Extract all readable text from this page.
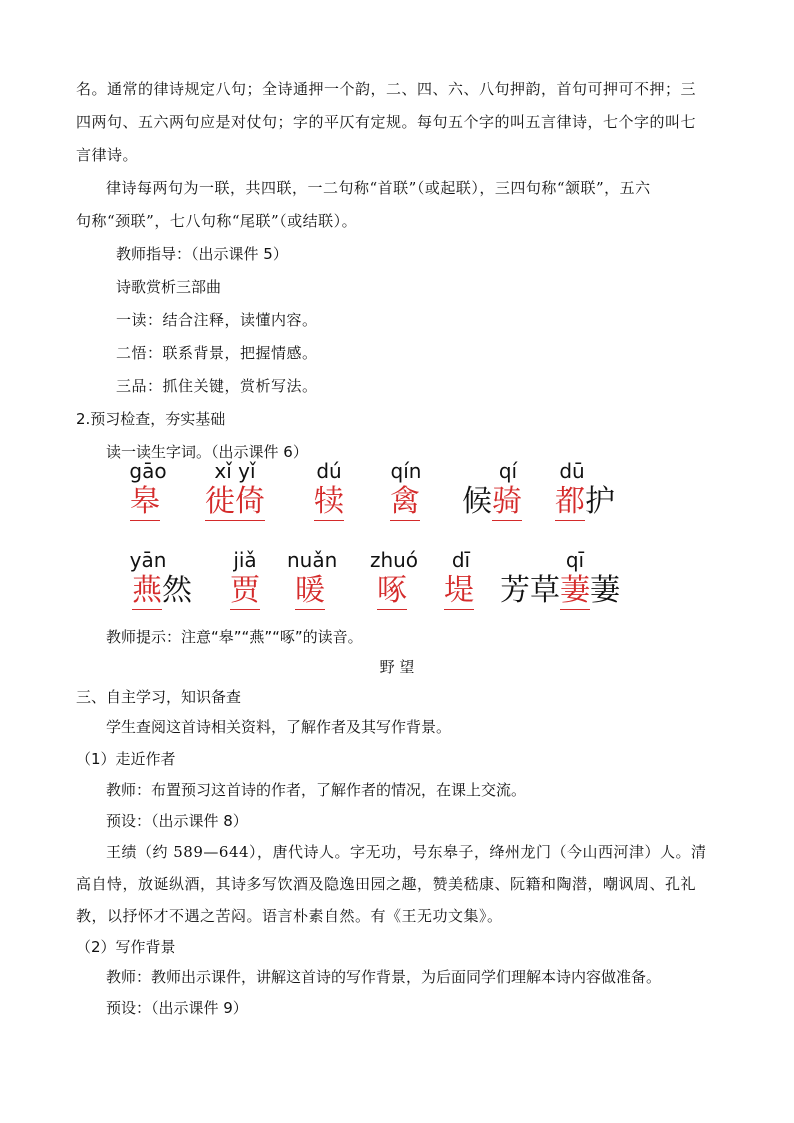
名。通常的律诗规定八句；全诗通押一个韵，二、四、六、八句押韵，首句可押可不押；三
四两句、五六两句应是对仗句；字的平仄有定规。每句五个字的叫五言律诗，七个字的叫七
言律诗。
律诗每两句为一联，共四联，一二句称“首联”（或起联），三四句称“颔联”，五六
句称“颈联”，七八句称“尾联”（或结联）。
教师指导：（出示课件 5）
诗歌赏析三部曲
一读：结合注释，读懂内容。
二悟：联系背景，把握情感。
三品：抓住关键，赏析写法。
2.预习检查，夯实基础
读一读生字词。（出示课件 6）
gāo
皋
xǐ yǐ
徙倚
dú
犊
qín
禽
qí
候骑
dū
都护
yān
燕然
jiǎ
贾
nuǎn
暖
zhuó
啄
dī
堤
qī
芳草萋萋
教师提示：注意“皋”“燕”“啄”的读音。
野 望
三、自主学习，知识备查
学生查阅这首诗相关资料，了解作者及其写作背景。
（1）走近作者
教师：布置预习这首诗的作者，了解作者的情况，在课上交流。
预设：（出示课件 8）
王绩（约 589—644），唐代诗人。字无功，号东皋子，绛州龙门（今山西河津）人。清
高自恃，放诞纵酒，其诗多写饮酒及隐逸田园之趣，赞美嵇康、阮籍和陶潜，嘲讽周、孔礼
教，以抒怀才不遇之苦闷。语言朴素自然。有《王无功文集》。
（2）写作背景
教师：教师出示课件，讲解这首诗的写作背景，为后面同学们理解本诗内容做准备。
预设：（出示课件 9）
